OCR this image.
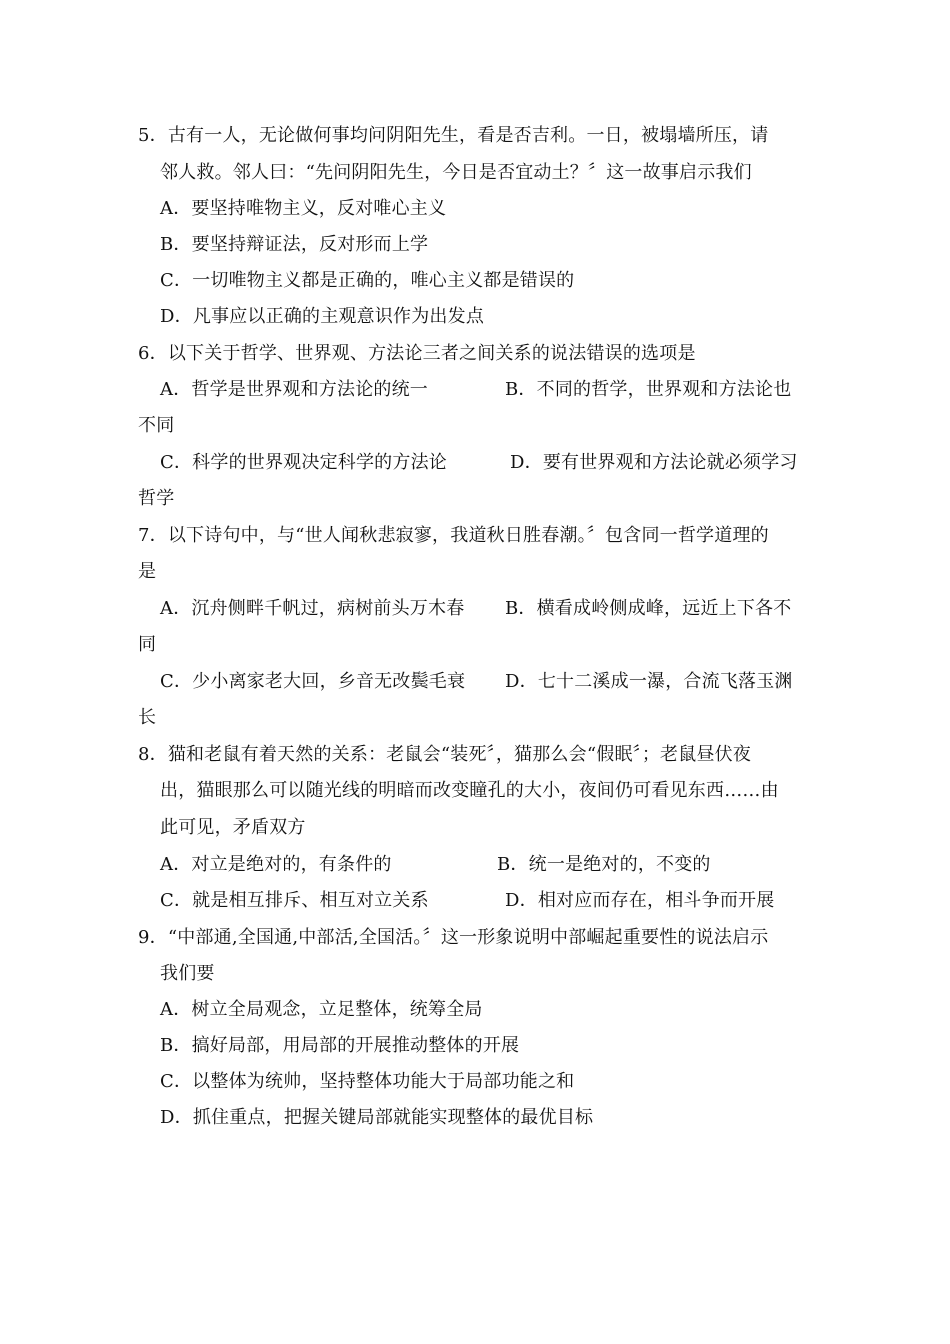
5．古有一人，无论做何事均问阴阳先生，看是否吉利。一日，被塌墙所压，请
邻人救。邻人曰：“先问阴阳先生，今日是否宜动土？〞这一故事启示我们
A．要坚持唯物主义，反对唯心主义
B．要坚持辩证法，反对形而上学
C．一切唯物主义都是正确的，唯心主义都是错误的
D．凡事应以正确的主观意识作为出发点
6．以下关于哲学、世界观、方法论三者之间关系的说法错误的选项是
A．哲学是世界观和方法论的统一	B．不同的哲学，世界观和方法论也
不同
C．科学的世界观决定科学的方法论	D．要有世界观和方法论就必须学习
哲学
7．以下诗句中，与“世人闻秋悲寂寥，我道秋日胜春潮。〞包含同一哲学道理的
是
A．沉舟侧畔千帆过，病树前头万木春 B．横看成岭侧成峰，远近上下各不
同
C．少小离家老大回，乡音无改鬓毛衰 D．七十二溪成一瀑，合流飞落玉渊
长
8．猫和老鼠有着天然的关系：老鼠会“装死〞，猫那么会“假眠〞；老鼠昼伏夜
出，猫眼那么可以随光线的明暗而改变瞳孔的大小，夜间仍可看见东西……由
此可见，矛盾双方
A．对立是绝对的，有条件的	B．统一是绝对的，不变的
C．就是相互排斥、相互对立关系	D．相对应而存在，相斗争而开展
9．“中部通,全国通,中部活,全国活。〞这一形象说明中部崛起重要性的说法启示
我们要
A．树立全局观念，立足整体，统筹全局
B．搞好局部，用局部的开展推动整体的开展
C．以整体为统帅，坚持整体功能大于局部功能之和
D．抓住重点，把握关键局部就能实现整体的最优目标
